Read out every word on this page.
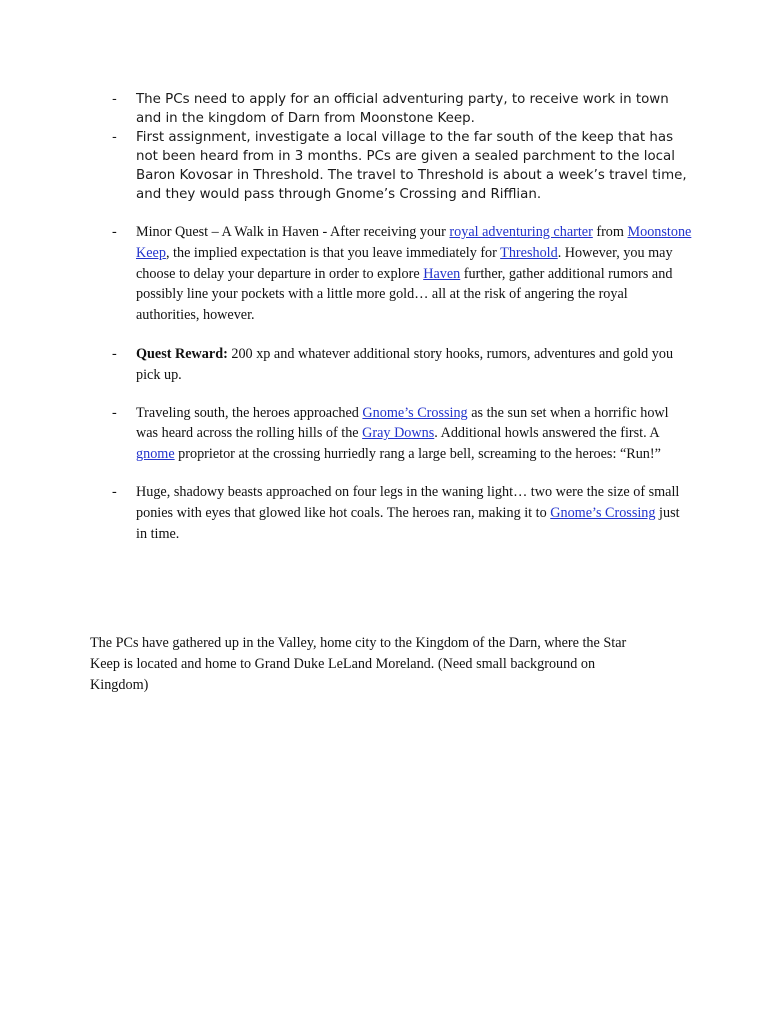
- The PCs need to apply for an official adventuring party, to receive work in town and in the kingdom of Darn from Moonstone Keep.
- First assignment, investigate a local village to the far south of the keep that has not been heard from in 3 months. PCs are given a sealed parchment to the local Baron Kovosar in Threshold. The travel to Threshold is about a week’s travel time, and they would pass through Gnome’s Crossing and Rifflian.
- Minor Quest – A Walk in Haven - After receiving your royal adventuring charter from Moonstone Keep, the implied expectation is that you leave immediately for Threshold. However, you may choose to delay your departure in order to explore Haven further, gather additional rumors and possibly line your pockets with a little more gold… all at the risk of angering the royal authorities, however.
- Quest Reward: 200 xp and whatever additional story hooks, rumors, adventures and gold you pick up.
- Traveling south, the heroes approached Gnome’s Crossing as the sun set when a horrific howl was heard across the rolling hills of the Gray Downs. Additional howls answered the first. A gnome proprietor at the crossing hurriedly rang a large bell, screaming to the heroes: “Run!”
- Huge, shadowy beasts approached on four legs in the waning light… two were the size of small ponies with eyes that glowed like hot coals. The heroes ran, making it to Gnome’s Crossing just in time.

The PCs have gathered up in the Valley, home city to the Kingdom of the Darn, where the Star Keep is located and home to Grand Duke LeLand Moreland. (Need small background on Kingdom)
